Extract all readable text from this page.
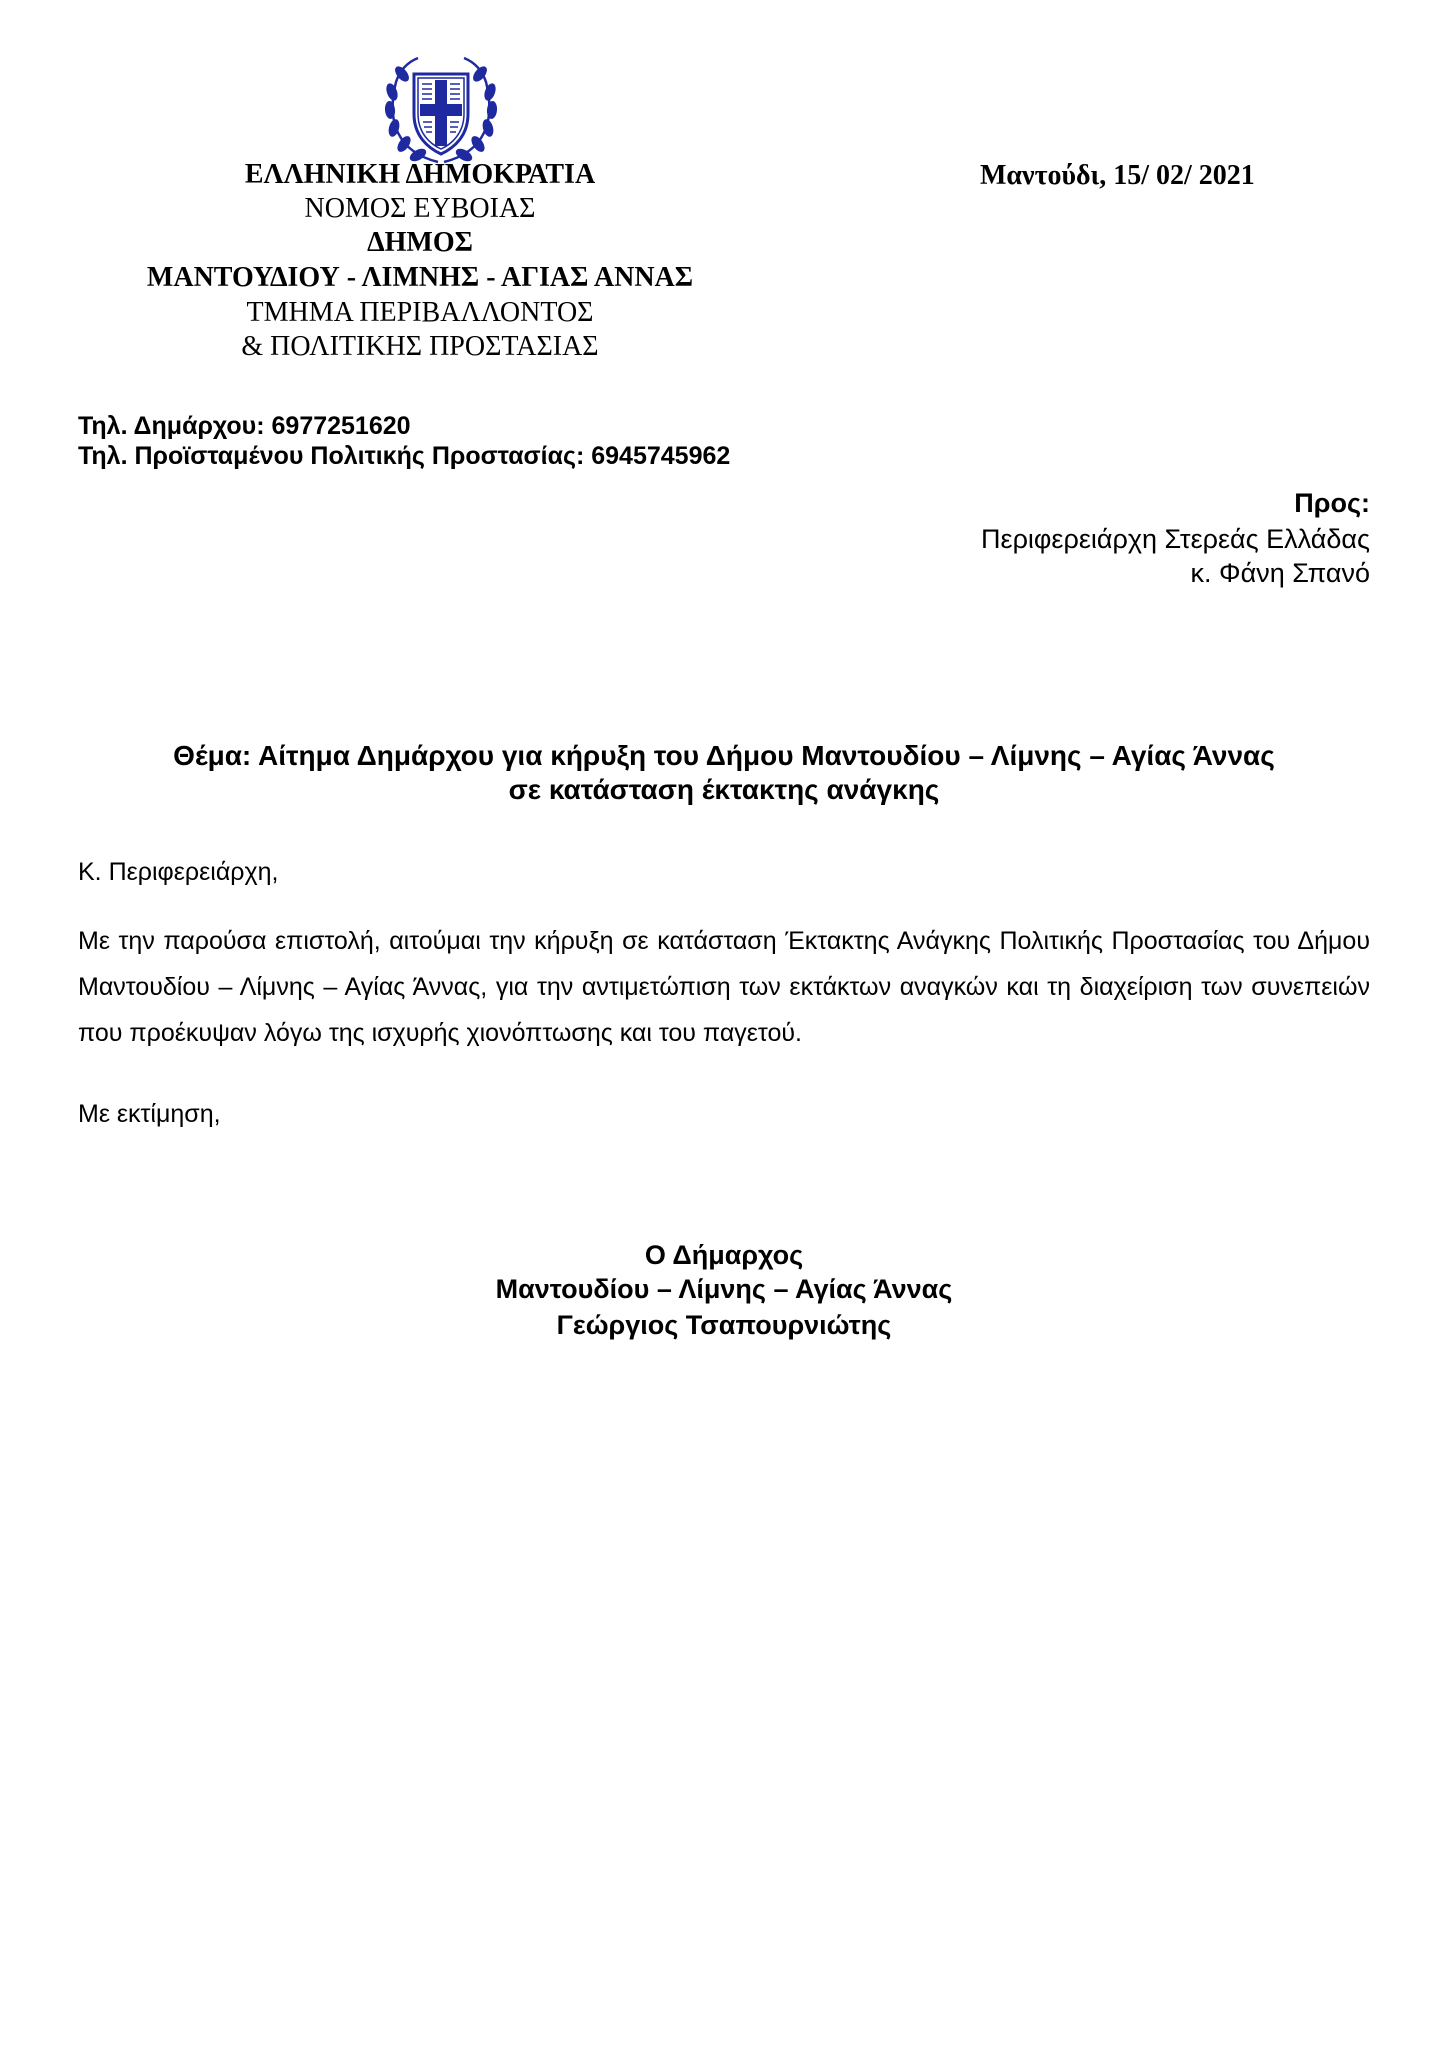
ΕΛΛΗΝΙΚΗ ΔΗΜΟΚΡΑΤΙΑ
ΝΟΜΟΣ ΕΥΒΟΙΑΣ
ΔΗΜΟΣ
ΜΑΝΤΟΥΔΙΟΥ - ΛΙΜΝΗΣ - ΑΓΙΑΣ ΑΝΝΑΣ
ΤΜΗΜΑ ΠΕΡΙΒΑΛΛΟΝΤΟΣ
& ΠΟΛΙΤΙΚΗΣ ΠΡΟΣΤΑΣΙΑΣ
Μαντούδι, 15/ 02/ 2021
Τηλ. Δημάρχου: 6977251620
Τηλ. Προϊσταμένου Πολιτικής Προστασίας: 6945745962
Προς:
Περιφερειάρχη Στερεάς Ελλάδας
κ. Φάνη Σπανό
Θέμα: Αίτημα Δημάρχου για κήρυξη του Δήμου Μαντουδίου – Λίμνης – Αγίας Άννας
σε κατάσταση έκτακτης ανάγκης
Κ. Περιφερειάρχη,
Με την παρούσα επιστολή, αιτούμαι την κήρυξη σε κατάσταση Έκτακτης Ανάγκης Πολιτικής Προστασίας του Δήμου Μαντουδίου – Λίμνης – Αγίας Άννας, για την αντιμετώπιση των εκτάκτων αναγκών και τη διαχείριση των συνεπειών που προέκυψαν λόγω της ισχυρής χιονόπτωσης και του παγετού.
Με εκτίμηση,
Ο Δήμαρχος
Μαντουδίου – Λίμνης – Αγίας Άννας
Γεώργιος Τσαπουρνιώτης
